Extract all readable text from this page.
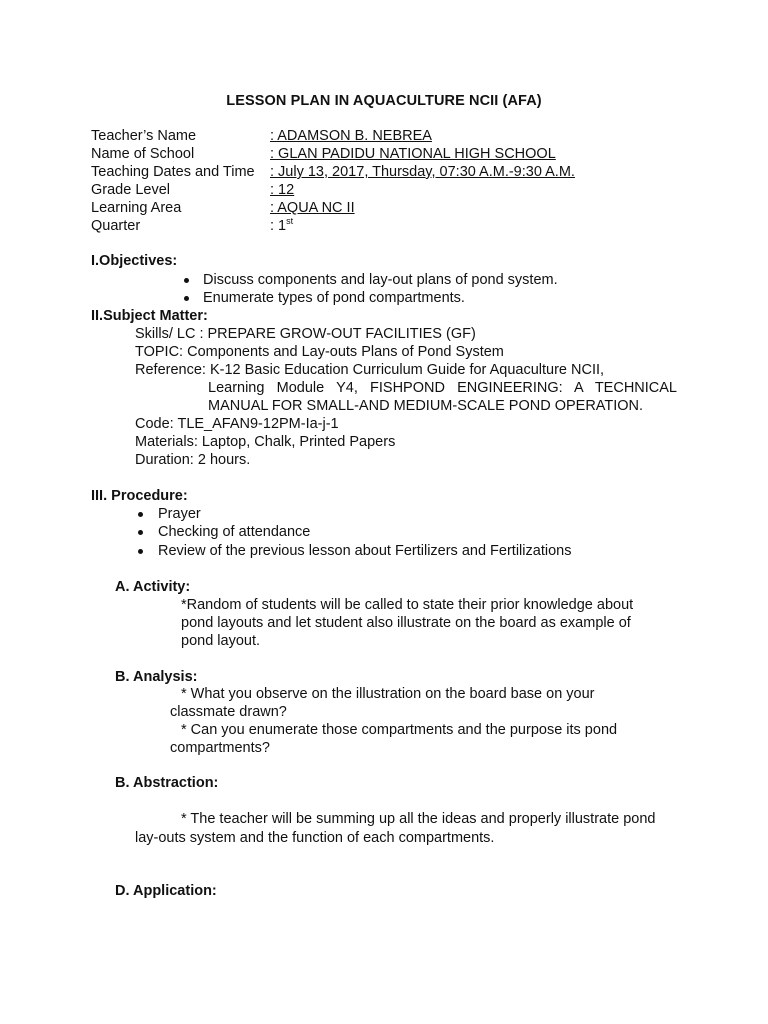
LESSON PLAN IN AQUACULTURE NCII (AFA)
Teacher’s Name	: ADAMSON B. NEBREA
Name of School	: GLAN PADIDU NATIONAL HIGH SCHOOL
Teaching Dates and Time : July 13, 2017, Thursday, 07:30 A.M.-9:30 A.M.
Grade Level	: 12
Learning Area	: AQUA NC II
Quarter	: 1st
I.Objectives:
Discuss components and lay-out plans of pond system.
Enumerate types of pond compartments.
II.Subject Matter:
Skills/ LC : PREPARE GROW-OUT FACILITIES (GF)
TOPIC: Components and Lay-outs Plans of Pond System
Reference: K-12 Basic Education Curriculum Guide for Aquaculture NCII,
Learning Module Y4, FISHPOND ENGINEERING: A TECHNICAL
MANUAL FOR SMALL-AND MEDIUM-SCALE POND OPERATION.
Code: TLE_AFAN9-12PM-Ia-j-1
Materials: Laptop, Chalk, Printed Papers
Duration: 2 hours.
III. Procedure:
Prayer
Checking of attendance
Review of the previous lesson about Fertilizers and Fertilizations
A. Activity:
*Random of students will be called to state their prior knowledge about
pond layouts and let student also illustrate on the board as example of
pond layout.
B. Analysis:
* What you observe on the illustration on the board base on your
classmate drawn?
* Can you enumerate those compartments and the purpose its pond
compartments?
B. Abstraction:
* The teacher will be summing up all the ideas and properly illustrate pond
lay-outs system and the function of each compartments.
D. Application:
